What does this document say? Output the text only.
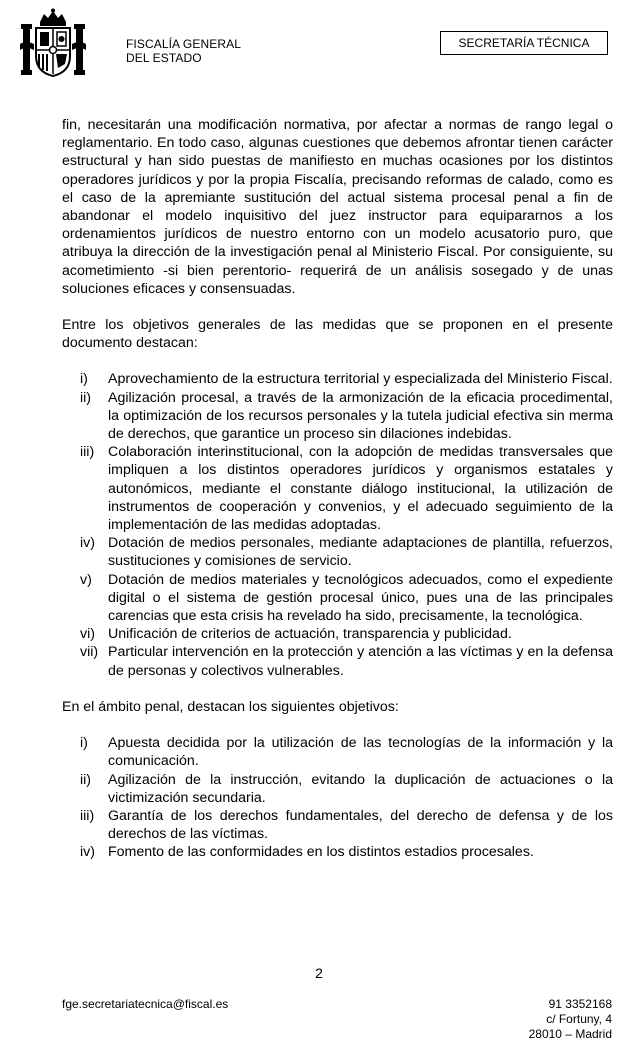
FISCALÍA GENERAL
DEL ESTADO
SECRETARÍA TÉCNICA

fin, necesitarán una modificación normativa, por afectar a normas de rango legal o reglamentario. En todo caso, algunas cuestiones que debemos afrontar tienen carácter estructural y han sido puestas de manifiesto en muchas ocasiones por los distintos operadores jurídicos y por la propia Fiscalía, precisando reformas de calado, como es el caso de la apremiante sustitución del actual sistema procesal penal a fin de abandonar el modelo inquisitivo del juez instructor para equipararnos a los ordenamientos jurídicos de nuestro entorno con un modelo acusatorio puro, que atribuya la dirección de la investigación penal al Ministerio Fiscal. Por consiguiente, su acometimiento -si bien perentorio- requerirá de un análisis sosegado y de unas soluciones eficaces y consensuadas.

Entre los objetivos generales de las medidas que se proponen en el presente documento destacan:

i)	Aprovechamiento de la estructura territorial y especializada del Ministerio Fiscal.
ii)	Agilización procesal, a través de la armonización de la eficacia procedimental, la optimización de los recursos personales y la tutela judicial efectiva sin merma de derechos, que garantice un proceso sin dilaciones indebidas.
iii) Colaboración interinstitucional, con la adopción de medidas transversales que impliquen a los distintos operadores jurídicos y organismos estatales y autonómicos, mediante el constante diálogo institucional, la utilización de instrumentos de cooperación y convenios, y el adecuado seguimiento de la implementación de las medidas adoptadas.
iv) Dotación de medios personales, mediante adaptaciones de plantilla, refuerzos, sustituciones y comisiones de servicio.
v)	Dotación de medios materiales y tecnológicos adecuados, como el expediente digital o el sistema de gestión procesal único, pues una de las principales carencias que esta crisis ha revelado ha sido, precisamente, la tecnológica.
vi) Unificación de criterios de actuación, transparencia y publicidad.
vii) Particular intervención en la protección y atención a las víctimas y en la defensa de personas y colectivos vulnerables.

En el ámbito penal, destacan los siguientes objetivos:

i)	Apuesta decidida por la utilización de las tecnologías de la información y la comunicación.
ii)	Agilización de la instrucción, evitando la duplicación de actuaciones o la victimización secundaria.
iii) Garantía de los derechos fundamentales, del derecho de defensa y de los derechos de las víctimas.
iv) Fomento de las conformidades en los distintos estadios procesales.
2
fge.secretariatecnica@fiscal.es	91 3352168
c/ Fortuny, 4
28010 – Madrid
